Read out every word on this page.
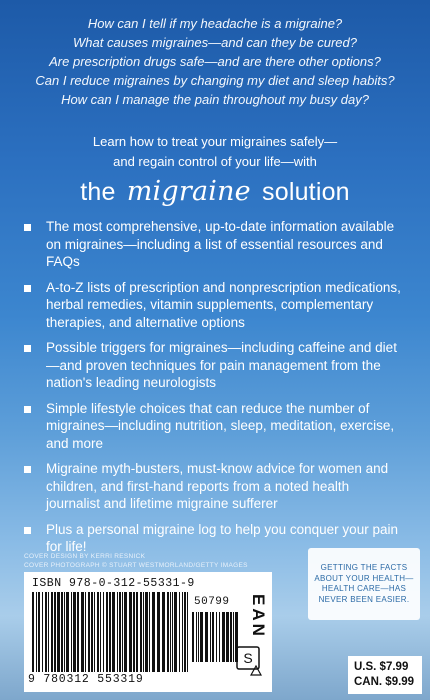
How can I tell if my headache is a migraine?
What causes migraines—and can they be cured?
Are prescription drugs safe—and are there other options?
Can I reduce migraines by changing my diet and sleep habits?
How can I manage the pain throughout my busy day?
Learn how to treat your migraines safely—
and regain control of your life—with
the migraine solution
The most comprehensive, up-to-date information available on migraines—including a list of essential resources and FAQs
A-to-Z lists of prescription and nonprescription medications, herbal remedies, vitamin supplements, complementary therapies, and alternative options
Possible triggers for migraines—including caffeine and diet—and proven techniques for pain management from the nation's leading neurologists
Simple lifestyle choices that can reduce the number of migraines—including nutrition, sleep, meditation, exercise, and more
Migraine myth-busters, must-know advice for women and children, and first-hand reports from a noted health journalist and lifetime migraine sufferer
Plus a personal migraine log to help you conquer your pain for life!
COVER DESIGN BY KERRI RESNICK
COVER PHOTOGRAPH © STUART WESTMORLAND/GETTY IMAGES
ISBN 978-0-312-55331-9
50799 EAN
S
9 780312 553319
GETTING THE FACTS ABOUT YOUR HEALTH—HEALTH CARE—HAS NEVER BEEN EASIER.
U.S. $7.99
CAN. $9.99
